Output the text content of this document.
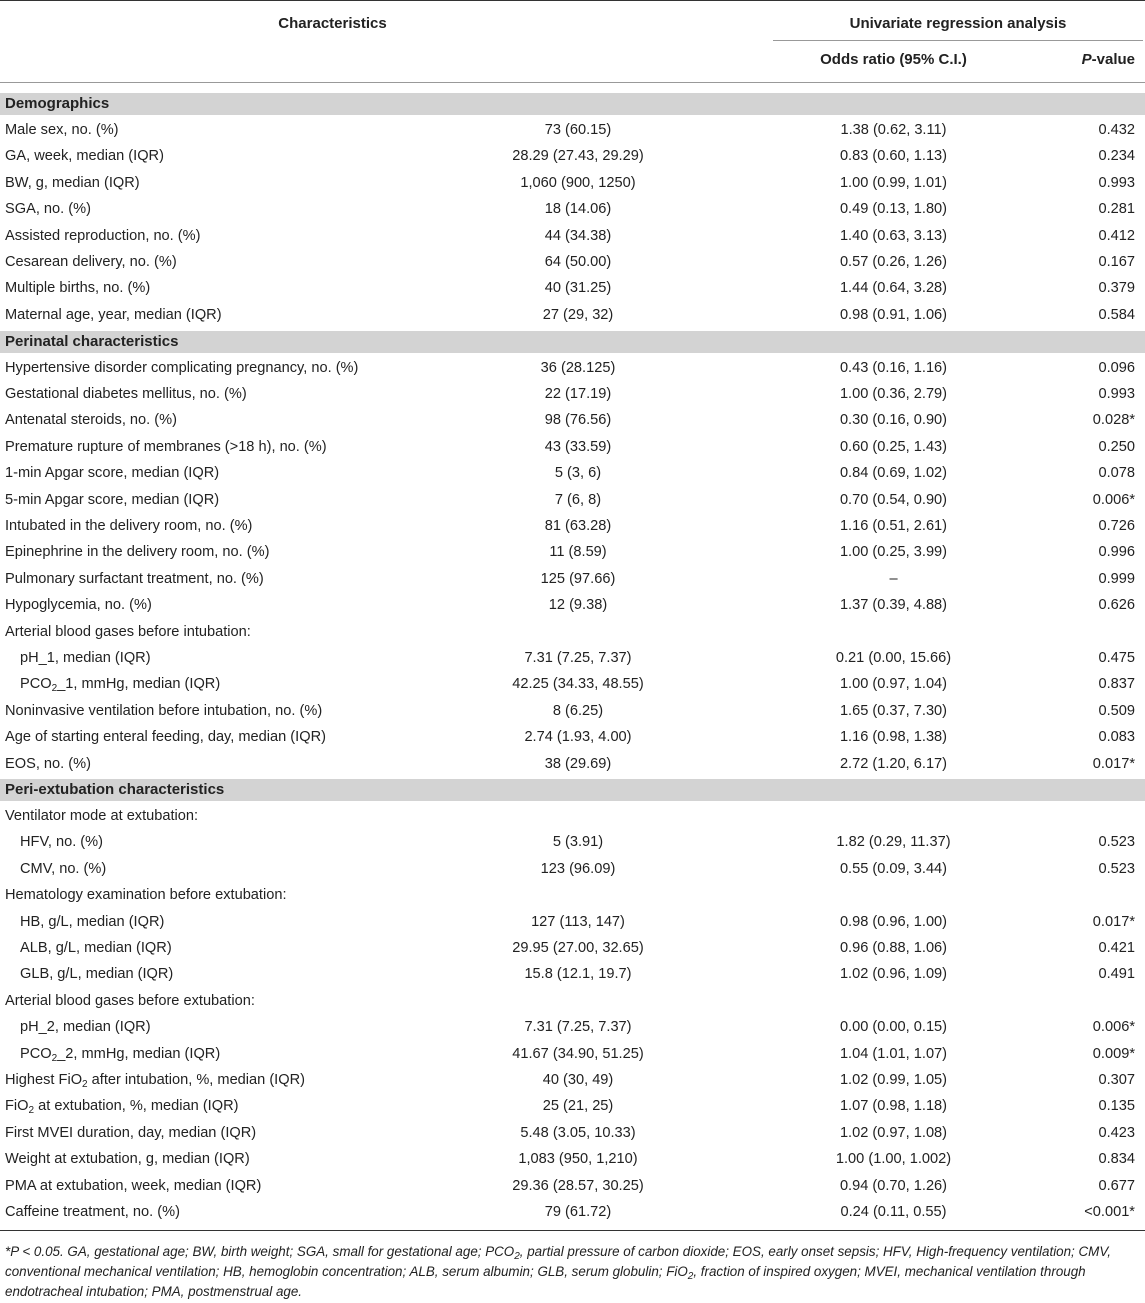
Characteristics	Univariate regression analysis
Odds ratio (95% C.I.)	P-value
Demographics
Male sex, no. (%)	73 (60.15)	1.38 (0.62, 3.11)	0.432
GA, week, median (IQR)	28.29 (27.43, 29.29)	0.83 (0.60, 1.13)	0.234
BW, g, median (IQR)	1,060 (900, 1250)	1.00 (0.99, 1.01)	0.993
SGA, no. (%)	18 (14.06)	0.49 (0.13, 1.80)	0.281
Assisted reproduction, no. (%)	44 (34.38)	1.40 (0.63, 3.13)	0.412
Cesarean delivery, no. (%)	64 (50.00)	0.57 (0.26, 1.26)	0.167
Multiple births, no. (%)	40 (31.25)	1.44 (0.64, 3.28)	0.379
Maternal age, year, median (IQR)	27 (29, 32)	0.98 (0.91, 1.06)	0.584
Perinatal characteristics
Hypertensive disorder complicating pregnancy, no. (%)	36 (28.125)	0.43 (0.16, 1.16)	0.096
Gestational diabetes mellitus, no. (%)	22 (17.19)	1.00 (0.36, 2.79)	0.993
Antenatal steroids, no. (%)	98 (76.56)	0.30 (0.16, 0.90)	0.028*
Premature rupture of membranes (>18 h), no. (%)	43 (33.59)	0.60 (0.25, 1.43)	0.250
1-min Apgar score, median (IQR)	5 (3, 6)	0.84 (0.69, 1.02)	0.078
5-min Apgar score, median (IQR)	7 (6, 8)	0.70 (0.54, 0.90)	0.006*
Intubated in the delivery room, no. (%)	81 (63.28)	1.16 (0.51, 2.61)	0.726
Epinephrine in the delivery room, no. (%)	11 (8.59)	1.00 (0.25, 3.99)	0.996
Pulmonary surfactant treatment, no. (%)	125 (97.66)	–	0.999
Hypoglycemia, no. (%)	12 (9.38)	1.37 (0.39, 4.88)	0.626
Arterial blood gases before intubation:
pH_1, median (IQR)	7.31 (7.25, 7.37)	0.21 (0.00, 15.66)	0.475
$PCO_2\_1$, mmHg, median (IQR)	42.25 (34.33, 48.55)	1.00 (0.97, 1.04)	0.837
Noninvasive ventilation before intubation, no. (%)	8 (6.25)	1.65 (0.37, 7.30)	0.509
Age of starting enteral feeding, day, median (IQR)	2.74 (1.93, 4.00)	1.16 (0.98, 1.38)	0.083
EOS, no. (%)	38 (29.69)	2.72 (1.20, 6.17)	0.017*
Peri-extubation characteristics
Ventilator mode at extubation:
HFV, no. (%)	5 (3.91)	1.82 (0.29, 11.37)	0.523
CMV, no. (%)	123 (96.09)	0.55 (0.09, 3.44)	0.523
Hematology examination before extubation:
HB, g/L, median (IQR)	127 (113, 147)	0.98 (0.96, 1.00)	0.017*
ALB, g/L, median (IQR)	29.95 (27.00, 32.65)	0.96 (0.88, 1.06)	0.421
GLB, g/L, median (IQR)	15.8 (12.1, 19.7)	1.02 (0.96, 1.09)	0.491
Arterial blood gases before extubation:
pH_2, median (IQR)	7.31 (7.25, 7.37)	0.00 (0.00, 0.15)	0.006*
$PCO_2\_2$, mmHg, median (IQR)	41.67 (34.90, 51.25)	1.04 (1.01, 1.07)	0.009*
Highest FiO$_2$ after intubation, %, median (IQR)	40 (30, 49)	1.02 (0.99, 1.05)	0.307
FiO$_2$ at extubation, %, median (IQR)	25 (21, 25)	1.07 (0.98, 1.18)	0.135
First MVEI duration, day, median (IQR)	5.48 (3.05, 10.33)	1.02 (0.97, 1.08)	0.423
Weight at extubation, g, median (IQR)	1,083 (950, 1,210)	1.00 (1.00, 1.002)	0.834
PMA at extubation, week, median (IQR)	29.36 (28.57, 30.25)	0.94 (0.70, 1.26)	0.677
Caffeine treatment, no. (%)	79 (61.72)	0.24 (0.11, 0.55)	<0.001*
*P < 0.05. GA, gestational age; BW, birth weight; SGA, small for gestational age; $PCO_2$, partial pressure of carbon dioxide; EOS, early onset sepsis; HFV, High-frequency ventilation; CMV, conventional mechanical ventilation; HB, hemoglobin concentration; ALB, serum albumin; GLB, serum globulin; FiO$_2$, fraction of inspired oxygen; MVEI, mechanical ventilation through endotracheal intubation; PMA, postmenstrual age.
